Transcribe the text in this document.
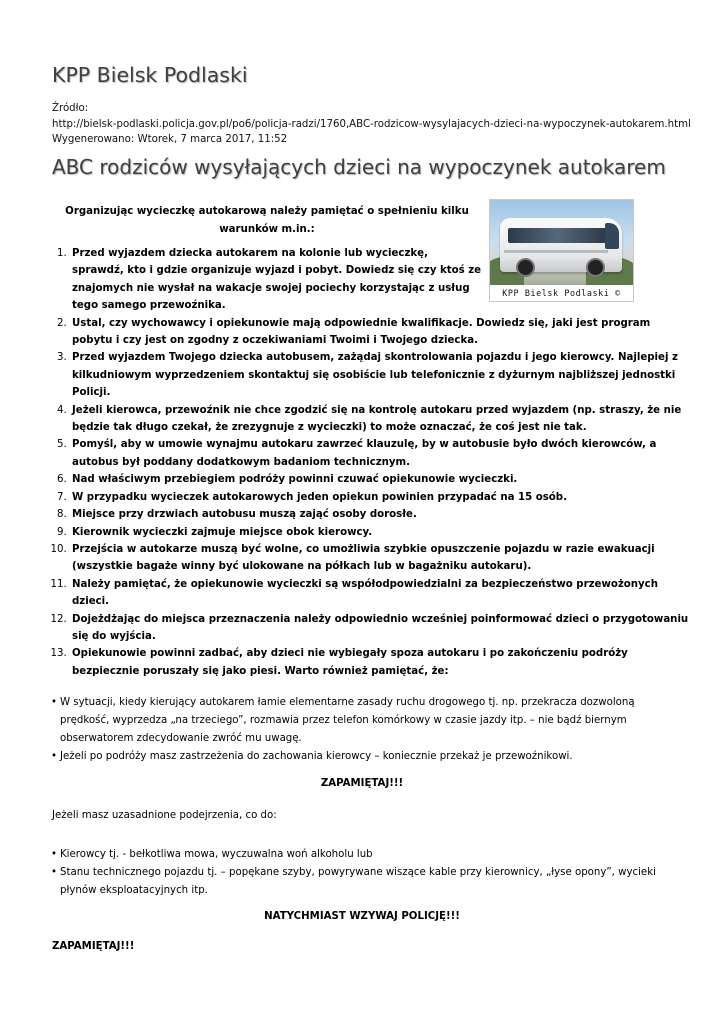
KPP Bielsk Podlaski
Źródło:
http://bielsk-podlaski.policja.gov.pl/po6/policja-radzi/1760,ABC-rodzicow-wysylajacych-dzieci-na-wypoczynek-autokarem.html
Wygenerowano: Wtorek, 7 marca 2017, 11:52
ABC rodziców wysyłających dzieci na wypoczynek autokarem
Organizując wycieczkę autokarową należy pamiętać o spełnieniu kilku warunków m.in.:
KPP Bielsk Podlaski ©
1. Przed wyjazdem dziecka autokarem na kolonie lub wycieczkę, sprawdź, kto i gdzie organizuje wyjazd i pobyt. Dowiedz się czy ktoś ze znajomych nie wysłał na wakacje swojej pociechy korzystając z usług tego samego przewoźnika.
2. Ustal, czy wychowawcy i opiekunowie mają odpowiednie kwalifikacje. Dowiedz się, jaki jest program pobytu i czy jest on zgodny z oczekiwaniami Twoimi i Twojego dziecka.
3. Przed wyjazdem Twojego dziecka autobusem, zażądaj skontrolowania pojazdu i jego kierowcy. Najlepiej z kilkudniowym wyprzedzeniem skontaktuj się osobiście lub telefonicznie z dyżurnym najbliższej jednostki Policji.
4. Jeżeli kierowca, przewoźnik nie chce zgodzić się na kontrolę autokaru przed wyjazdem (np. straszy, że nie będzie tak długo czekał, że zrezygnuje z wycieczki) to może oznaczać, że coś jest nie tak.
5. Pomyśl, aby w umowie wynajmu autokaru zawrzeć klauzulę, by w autobusie było dwóch kierowców, a autobus był poddany dodatkowym badaniom technicznym.
6. Nad właściwym przebiegiem podróży powinni czuwać opiekunowie wycieczki.
7. W przypadku wycieczek autokarowych jeden opiekun powinien przypadać na 15 osób.
8. Miejsce przy drzwiach autobusu muszą zająć osoby dorosłe.
9. Kierownik wycieczki zajmuje miejsce obok kierowcy.
10. Przejścia w autokarze muszą być wolne, co umożliwia szybkie opuszczenie pojazdu w razie ewakuacji (wszystkie bagaże winny być ulokowane na półkach lub w bagażniku autokaru).
11. Należy pamiętać, że opiekunowie wycieczki są współodpowiedzialni za bezpieczeństwo przewożonych dzieci.
12. Dojeżdżając do miejsca przeznaczenia należy odpowiednio wcześniej poinformować dzieci o przygotowaniu się do wyjścia.
13. Opiekunowie powinni zadbać, aby dzieci nie wybiegały spoza autokaru i po zakończeniu podróży bezpiecznie poruszały się jako piesi. Warto również pamiętać, że:
• W sytuacji, kiedy kierujący autokarem łamie elementarne zasady ruchu drogowego tj. np. przekracza dozwoloną prędkość, wyprzedza „na trzeciego”, rozmawia przez telefon komórkowy w czasie jazdy itp. – nie bądź biernym obserwatorem zdecydowanie zwróć mu uwagę.
• Jeżeli po podróży masz zastrzeżenia do zachowania kierowcy – koniecznie przekaż je przewoźnikowi.
ZAPAMIĘTAJ!!!
Jeżeli masz uzasadnione podejrzenia, co do:
• Kierowcy tj. - bełkotliwa mowa, wyczuwalna woń alkoholu lub
• Stanu technicznego pojazdu tj. – popękane szyby, powyrywane wiszące kable przy kierownicy, „łyse opony”, wycieki płynów eksploatacyjnych itp.
NATYCHMIAST WZYWAJ POLICJĘ!!!
ZAPAMIĘTAJ!!!
